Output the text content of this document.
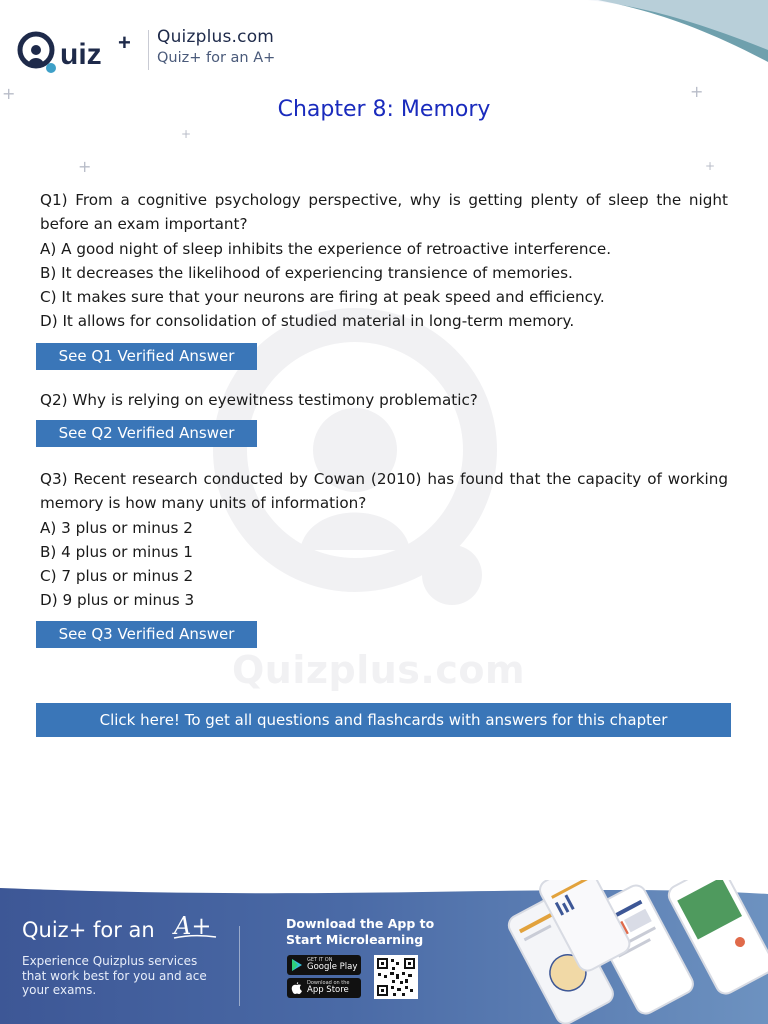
uiz + Quizplus.com
Quiz+ for an A+
+	+
+
+	+
Chapter 8: Memory
Quizplus.com

Q1) From a cognitive psychology perspective, why is getting plenty of sleep the night before an exam important?

A) A good night of sleep inhibits the experience of retroactive interference.

B) It decreases the likelihood of experiencing transience of memories.

C) It makes sure that your neurons are firing at peak speed and efficiency.

D) It allows for consolidation of studied material in long-term memory.

See Q1 Verified Answer

Q2) Why is relying on eyewitness testimony problematic?

See Q2 Verified Answer

Q3) Recent research conducted by Cowan (2010) has found that the capacity of working memory is how many units of information?

A) 3 plus or minus 2

B) 4 plus or minus 1

C) 7 plus or minus 2

D) 9 plus or minus 3

See Q3 Verified Answer
Click here! To get all questions and flashcards with answers for this chapter
Quiz+ for an A+
Experience Quizplus services that work best for you and ace your exams.
Download the App to Start Microlearning
GET IT ON
Google Play
Download on the
App Store
